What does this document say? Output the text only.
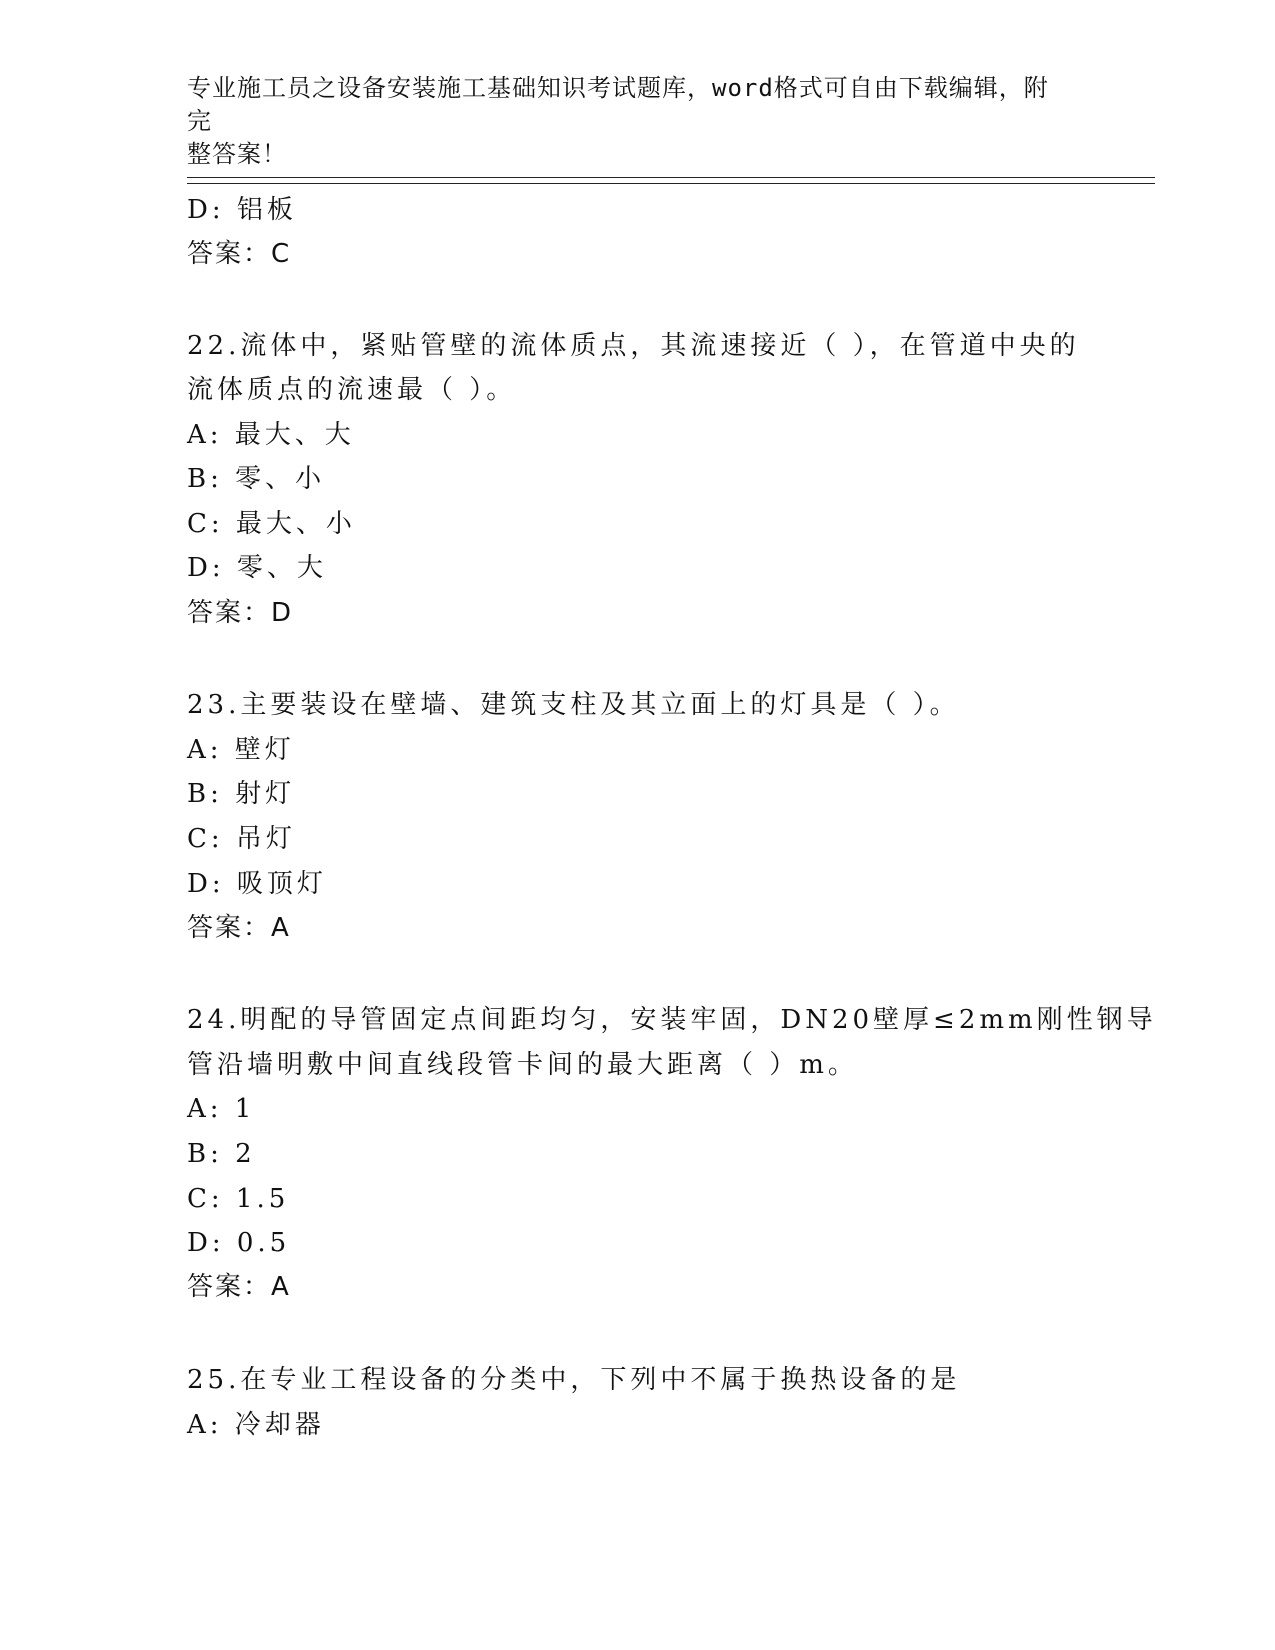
专业施工员之设备安装施工基础知识考试题库，word格式可自由下载编辑，附完
整答案！
D: 铝板
答案：C
22.流体中，紧贴管壁的流体质点，其流速接近（ ），在管道中央的
流体质点的流速最（ ）。
A: 最大、大
B: 零、小
C: 最大、小
D: 零、大
答案：D
23.主要装设在壁墙、建筑支柱及其立面上的灯具是（ ）。
A: 壁灯
B: 射灯
C: 吊灯
D: 吸顶灯
答案：A
24.明配的导管固定点间距均匀，安装牢固，DN20壁厚≤2mm刚性钢导
管沿墙明敷中间直线段管卡间的最大距离（ ）m。
A: 1
B: 2
C: 1.5
D: 0.5
答案：A
25.在专业工程设备的分类中，下列中不属于换热设备的是
A: 冷却器
